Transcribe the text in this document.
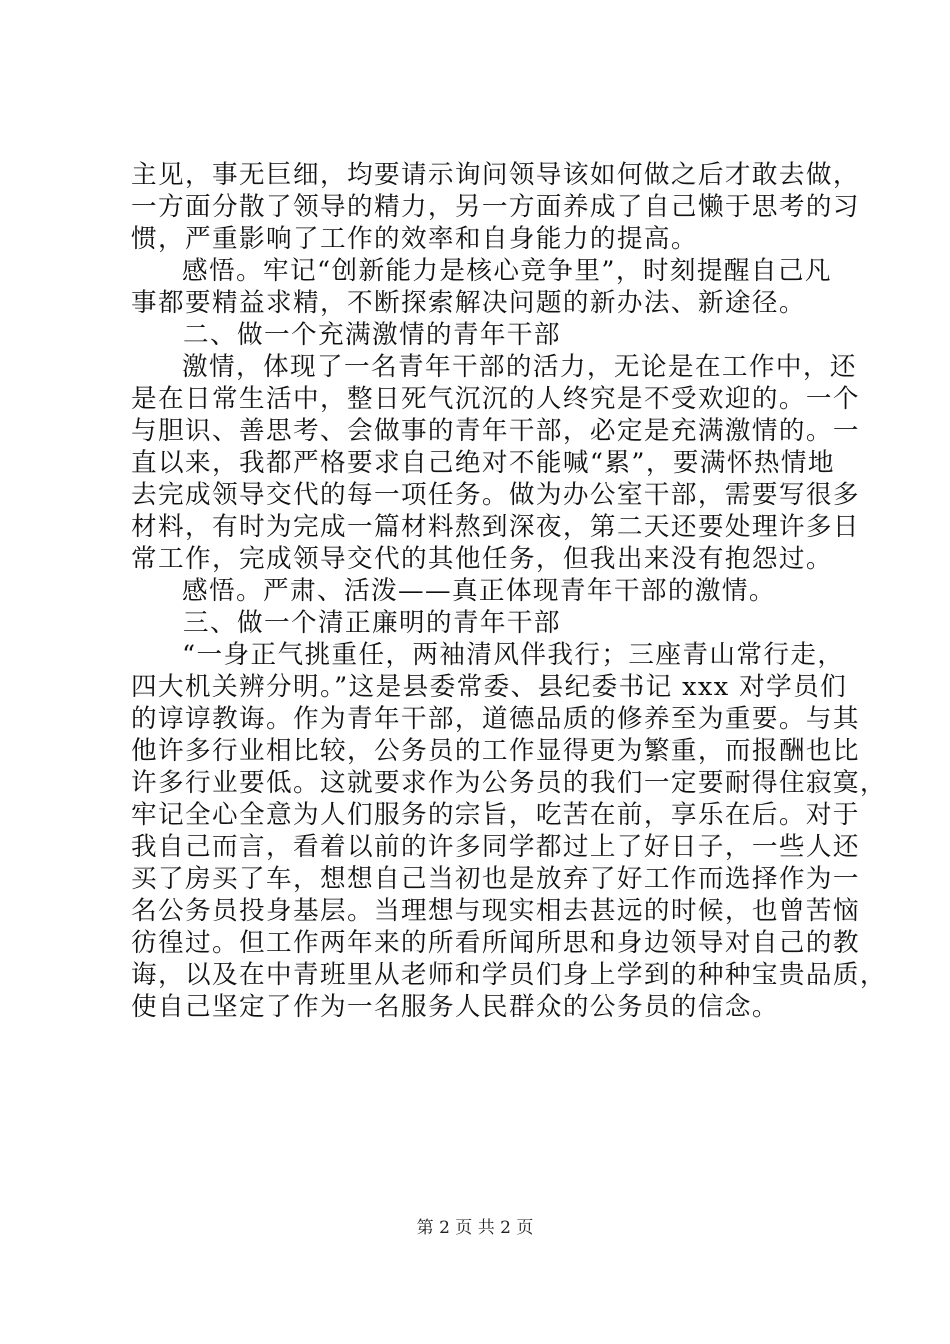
主见，事无巨细，均要请示询问领导该如何做之后才敢去做，
一方面分散了领导的精力，另一方面养成了自己懒于思考的习
惯，严重影响了工作的效率和自身能力的提高。
感悟。牢记“创新能力是核心竞争里”，时刻提醒自己凡
事都要精益求精，不断探索解决问题的新办法、新途径。
二、做一个充满激情的青年干部
激情，体现了一名青年干部的活力，无论是在工作中，还
是在日常生活中，整日死气沉沉的人终究是不受欢迎的。一个
与胆识、善思考、会做事的青年干部，必定是充满激情的。一
直以来，我都严格要求自己绝对不能喊“累”，要满怀热情地
去完成领导交代的每一项任务。做为办公室干部，需要写很多
材料，有时为完成一篇材料熬到深夜，第二天还要处理许多日
常工作，完成领导交代的其他任务，但我出来没有抱怨过。
感悟。严肃、活泼——真正体现青年干部的激情。
三、做一个清正廉明的青年干部
“一身正气挑重任，两袖清风伴我行；三座青山常行走，
四大机关辨分明。”这是县委常委、县纪委书记 xxx 对学员们
的谆谆教诲。作为青年干部，道德品质的修养至为重要。与其
他许多行业相比较，公务员的工作显得更为繁重，而报酬也比
许多行业要低。这就要求作为公务员的我们一定要耐得住寂寞，
牢记全心全意为人们服务的宗旨，吃苦在前，享乐在后。对于
我自己而言，看着以前的许多同学都过上了好日子，一些人还
买了房买了车，想想自己当初也是放弃了好工作而选择作为一
名公务员投身基层。当理想与现实相去甚远的时候，也曾苦恼
彷徨过。但工作两年来的所看所闻所思和身边领导对自己的教
诲，以及在中青班里从老师和学员们身上学到的种种宝贵品质，
使自己坚定了作为一名服务人民群众的公务员的信念。
第 2 页 共 2 页
